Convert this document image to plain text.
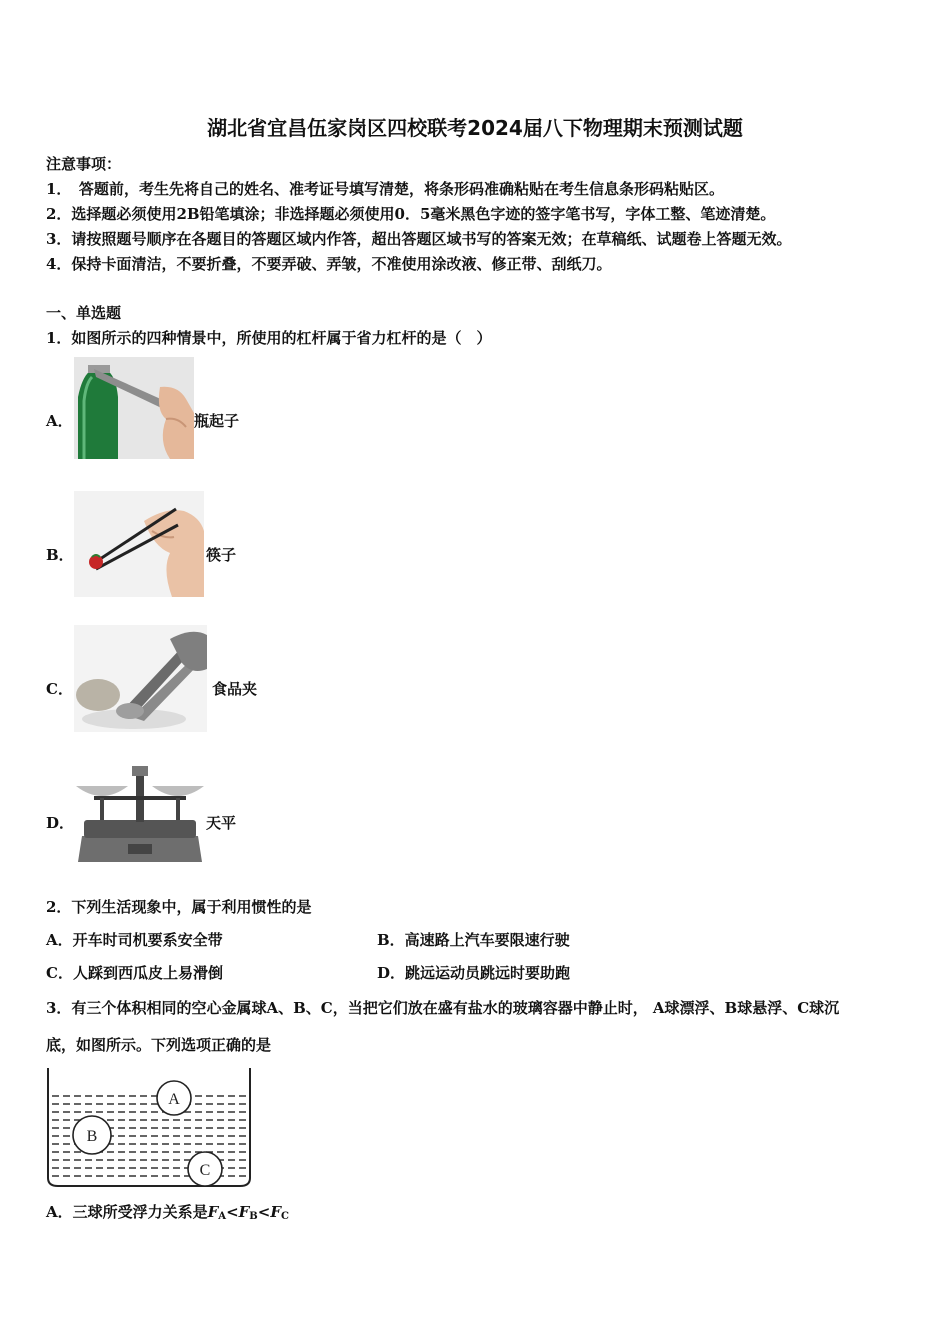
湖北省宜昌伍家岗区四校联考2024届八下物理期末预测试题
注意事项：
1．　答题前，考生先将自己的姓名、准考证号填写清楚，将条形码准确粘贴在考生信息条形码粘贴区。
2．选择题必须使用2B铅笔填涂；非选择题必须使用0．5毫米黑色字迹的签字笔书写，字体工整、笔迹清楚。
3．请按照题号顺序在各题目的答题区域内作答，超出答题区域书写的答案无效；在草稿纸、试题卷上答题无效。
4．保持卡面清洁，不要折叠，不要弄破、弄皱，不准使用涂改液、修正带、刮纸刀。
一、单选题
1．如图所示的四种情景中，所使用的杠杆属于省力杠杆的是（　）
A．	瓶起子
B．	筷子
C．	食品夹
D．	天平
2．下列生活现象中，属于利用惯性的是
A．开车时司机要系安全带	B．高速路上汽车要限速行驶
C．人踩到西瓜皮上易滑倒	D．跳远运动员跳远时要助跑
3．有三个体积相同的空心金属球A、B、C，当把它们放在盛有盐水的玻璃容器中静止时， A球漂浮、B球悬浮、C球沉
底，如图所示。下列选项正确的是
A
B
C
A．三球所受浮力关系是$F_A<F_B<F_C$
